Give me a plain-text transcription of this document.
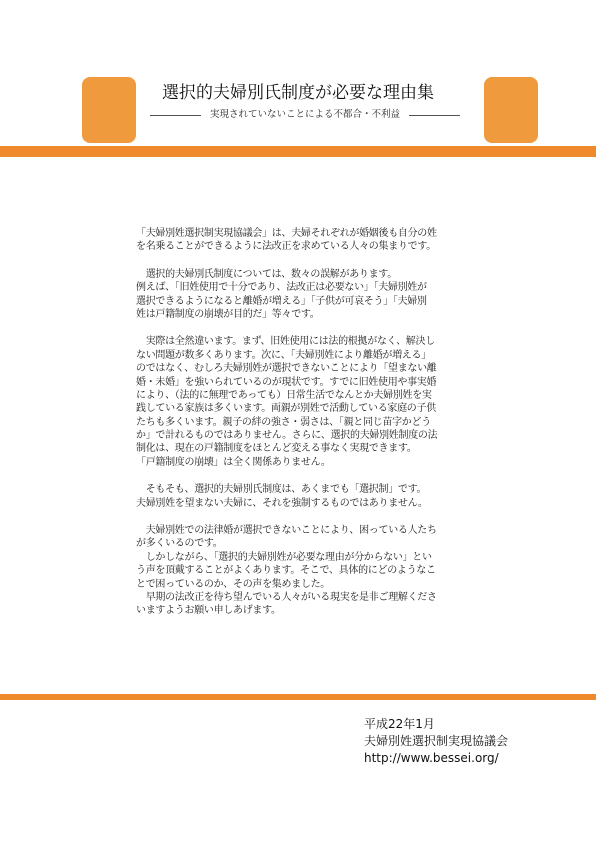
選択的夫婦別氏制度が必要な理由集
実現されていないことによる不都合・不利益
「夫婦別姓選択制実現協議会」は、夫婦それぞれが婚姻後も自分の姓
を名乗ることができるように法改正を求めている人々の集まりです。
　選択的夫婦別氏制度については、数々の誤解があります。
例えば、「旧姓使用で十分であり、法改正は必要ない」「夫婦別姓が
選択できるようになると離婚が増える」「子供が可哀そう」「夫婦別
姓は戸籍制度の崩壊が目的だ」等々です。
　実際は全然違います。まず、旧姓使用には法的根拠がなく、解決し
ない問題が数多くあります。次に、「夫婦別姓により離婚が増える」
のではなく、むしろ夫婦別姓が選択できないことにより「望まない離
婚・未婚」を強いられているのが現状です。すでに旧姓使用や事実婚
により、（法的に無理であっても）日常生活でなんとか夫婦別姓を実
践している家族は多くいます。両親が別姓で活動している家庭の子供
たちも多くいます。親子の絆の強さ・弱さは、「親と同じ苗字かどう
か」で計れるものではありません。さらに、選択的夫婦別姓制度の法
制化は、現在の戸籍制度をほとんど変える事なく実現できます。
「戸籍制度の崩壊」は全く関係ありません。
　そもそも、選択的夫婦別氏制度は、あくまでも「選択制」です。
夫婦別姓を望まない夫婦に、それを強制するものではありません。
　夫婦別姓での法律婚が選択できないことにより、困っている人たち
が多くいるのです。
　しかしながら、「選択的夫婦別姓が必要な理由が分からない」とい
う声を頂戴することがよくあります。そこで、具体的にどのようなこ
とで困っているのか、その声を集めました。
　早期の法改正を待ち望んでいる人々がいる現実を是非ご理解くださ
いますようお願い申しあげます。
平成22年1月
夫婦別姓選択制実現協議会
http://www.bessei.org/
